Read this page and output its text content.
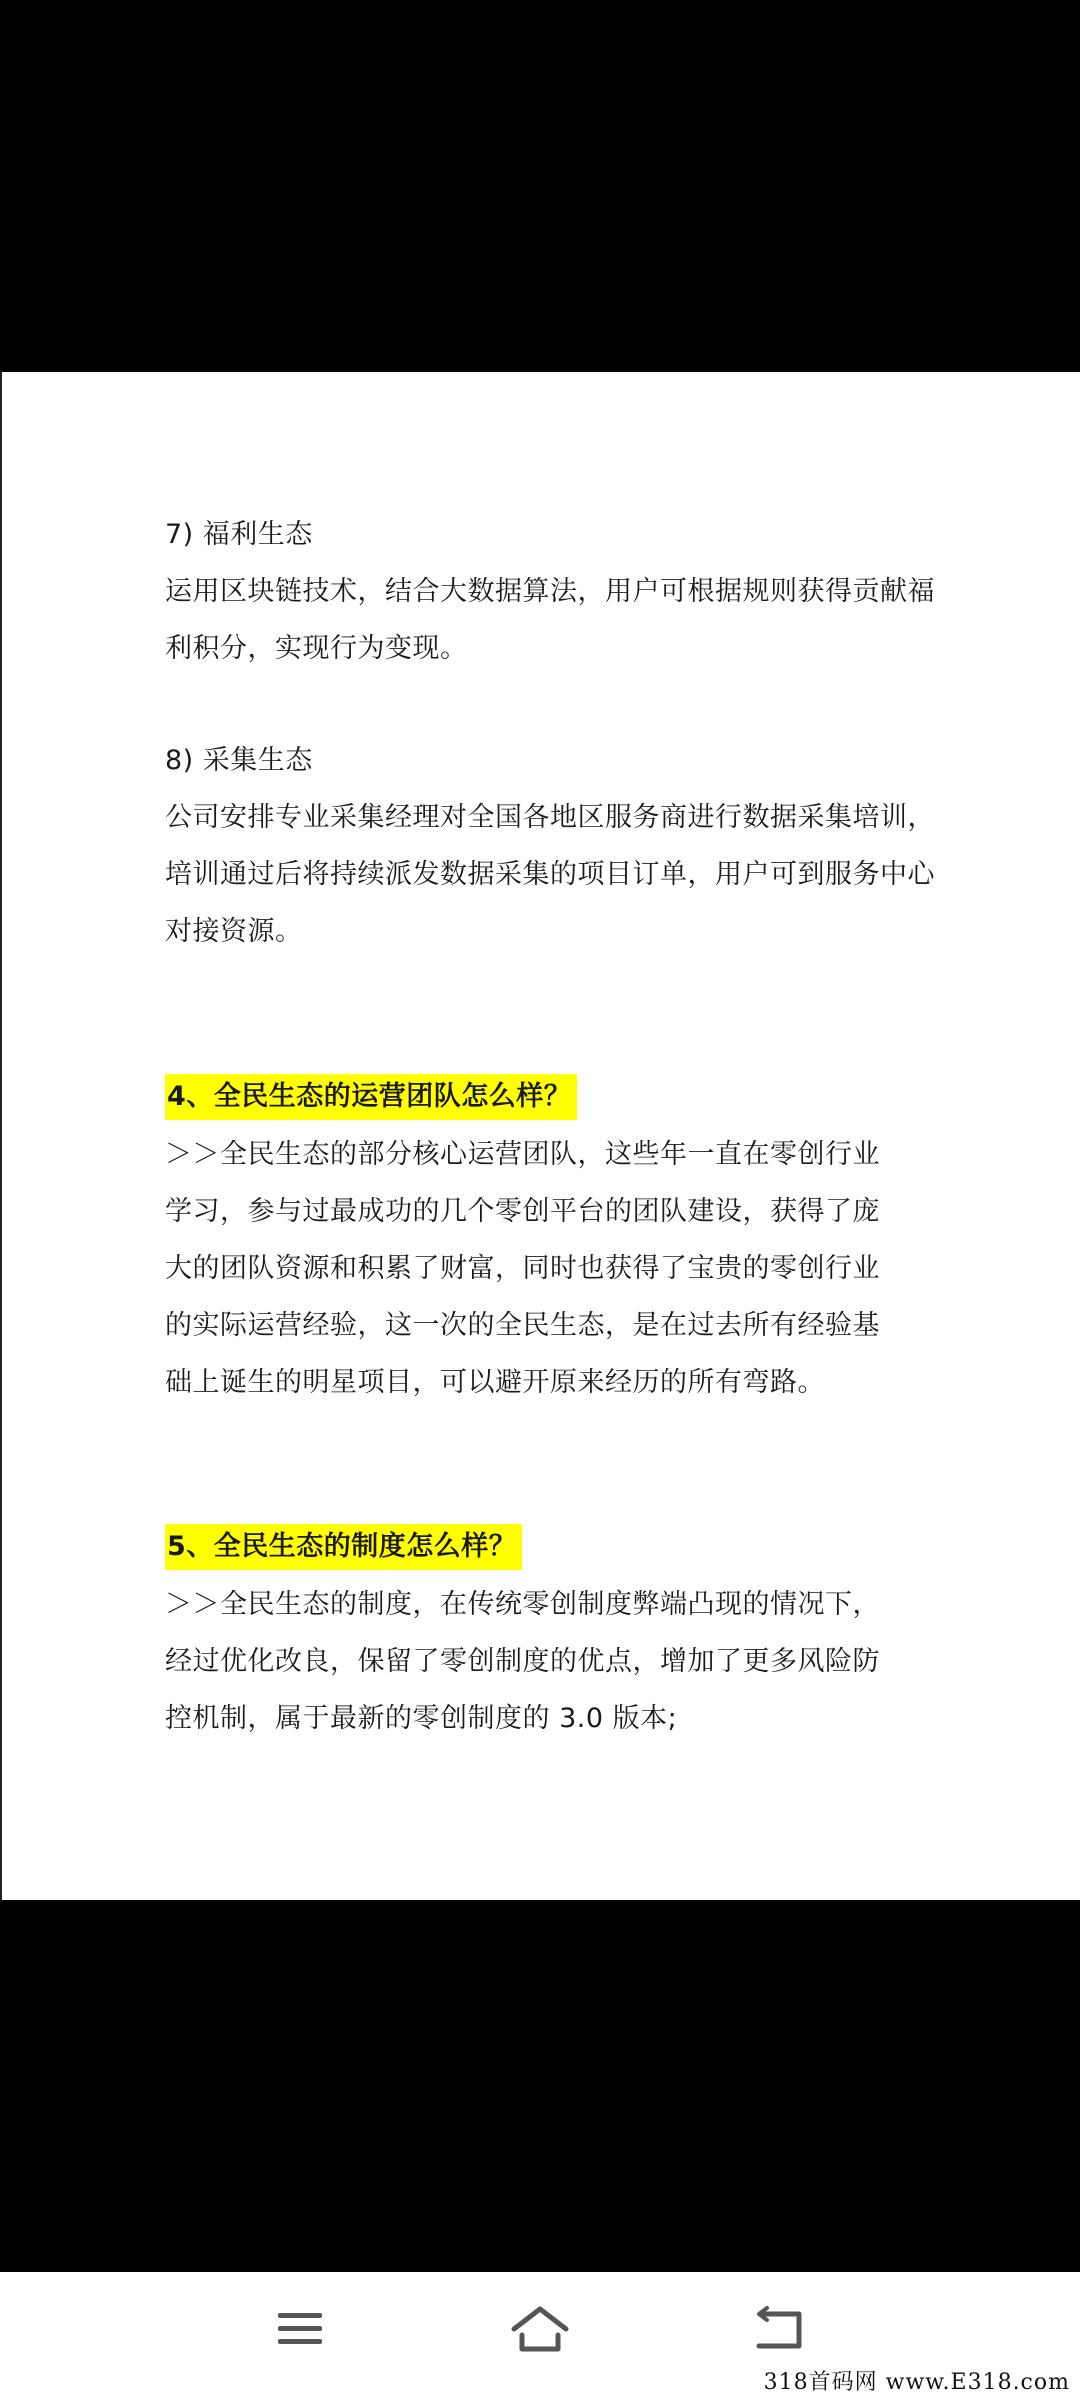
7) 福利生态

运用区块链技术，结合大数据算法，用户可根据规则获得贡献福
利积分，实现行为变现。

8) 采集生态

公司安排专业采集经理对全国各地区服务商进行数据采集培训，
培训通过后将持续派发数据采集的项目订单，用户可到服务中心
对接资源。

4、全民生态的运营团队怎么样？

＞＞全民生态的部分核心运营团队，这些年一直在零创行业
学习，参与过最成功的几个零创平台的团队建设，获得了庞
大的团队资源和积累了财富，同时也获得了宝贵的零创行业
的实际运营经验，这一次的全民生态，是在过去所有经验基
础上诞生的明星项目，可以避开原来经历的所有弯路。

5、全民生态的制度怎么样？

＞＞全民生态的制度，在传统零创制度弊端凸现的情况下，
经过优化改良，保留了零创制度的优点，增加了更多风险防
控机制，属于最新的零创制度的 3.0 版本;

318首码网 www.E318.com
